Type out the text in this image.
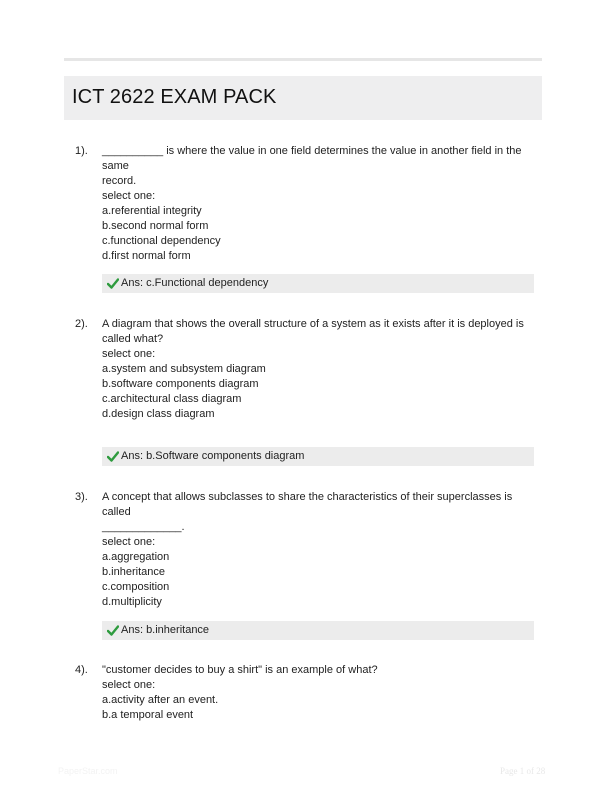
ICT 2622 EXAM PACK
1). __________ is where the value in one field determines the value in another field in the same

record.

select one:

a.referential integrity

b.second normal form

c.functional dependency

d.first normal form

Ans: c.Functional dependency
2). A diagram that shows the overall structure of a system as it exists after it is deployed is

called what?

select one:

a.system and subsystem diagram

b.software components diagram

c.architectural class diagram

d.design class diagram

Ans: b.Software components diagram
3). A concept that allows subclasses to share the characteristics of their superclasses is called

_____________.

select one:

a.aggregation

b.inheritance

c.composition

d.multiplicity

Ans: b.inheritance
4). "customer decides to buy a shirt" is an example of what?

select one:

a.activity after an event.

b.a temporal event

PaperStar.com	Page 1 of 28
